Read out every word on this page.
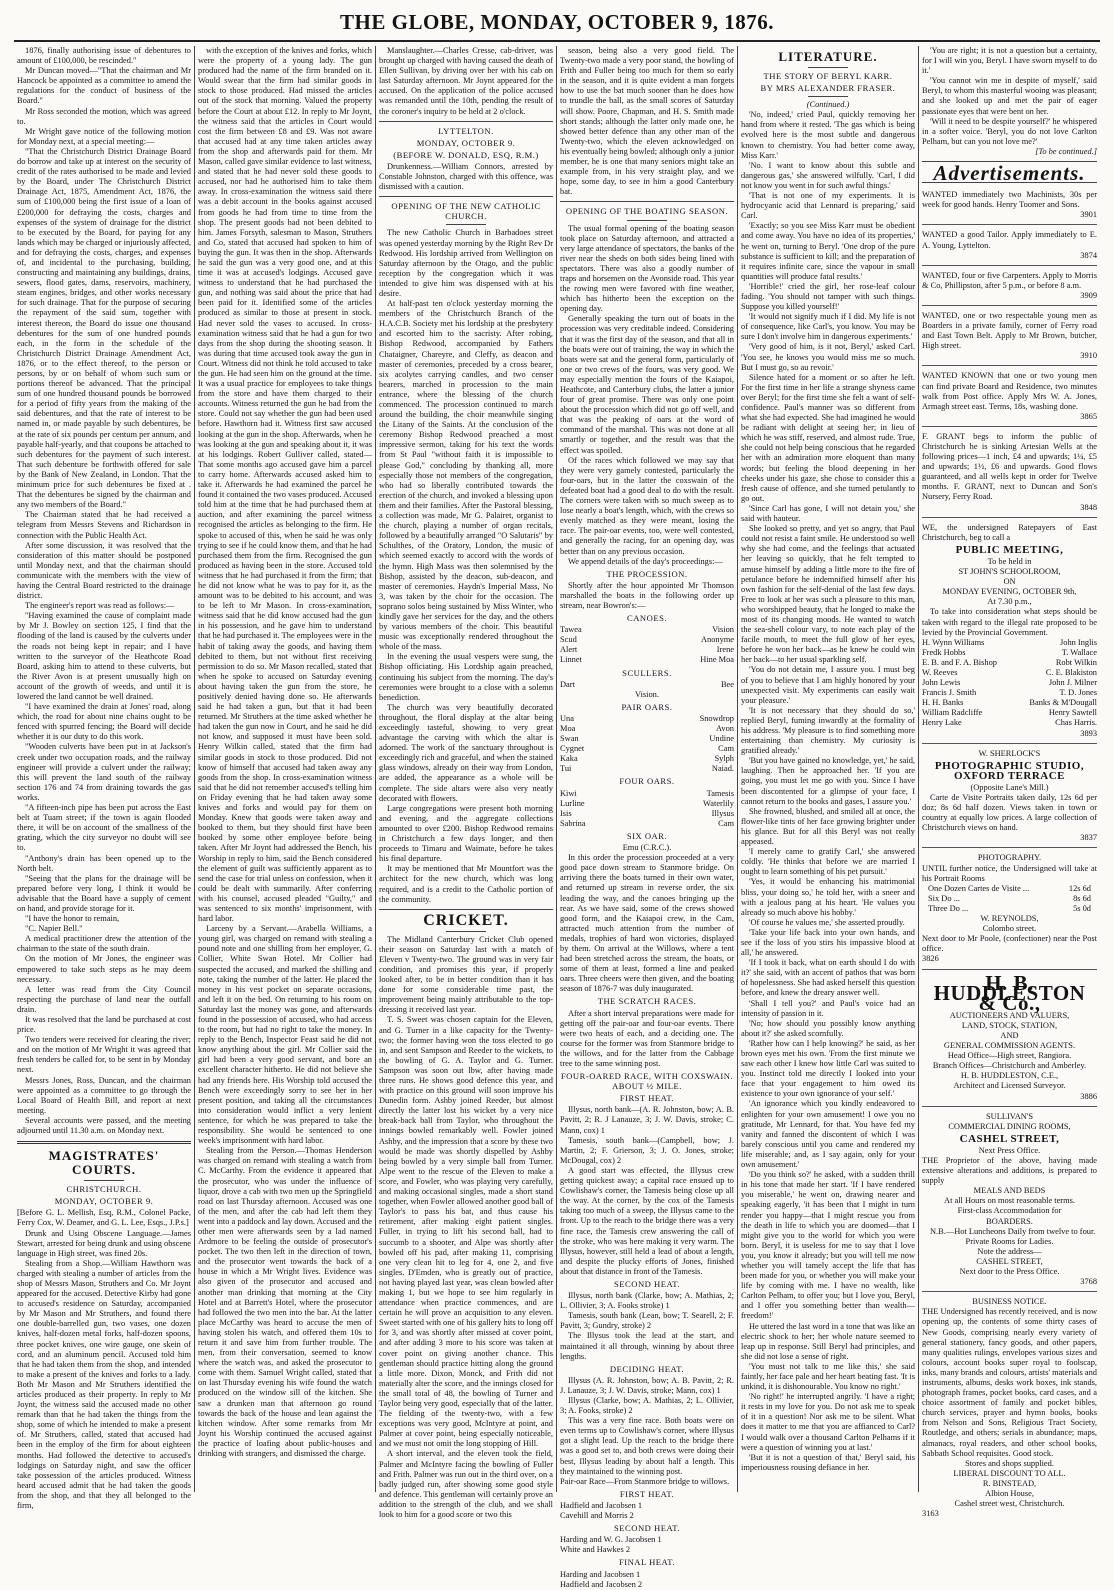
THE GLOBE, MONDAY, OCTOBER 9, 1876.

1876, finally authorising issue of debentures to amount of £100,000, be rescinded."

Mr Duncan moved—"That the chairman and Mr Hancock be appointed as a committee to amend the regulations for the conduct of business of the Board."

Mr Ross seconded the motion, which was agreed to.

Mr Wright gave notice of the following motion for Monday next, at a special meeting:—

"That the Christchurch District Drainage Board do borrow and take up at interest on the security of credit of the rates authorised to be made and levied by the Board, under The Christchurch District Drainage Act, 1875, Amendment Act, 1876, the sum of £100,000 being the first issue of a loan of £200,000 for defraying the costs, charges and expenses of the system of drainage for the district to be executed by the Board, for paying for any lands which may be charged or injuriously affected, and for defraying the costs, charges, and expenses of, and incidental to the purchasing, building, constructing and maintaining any buildings, drains, sewers, flood gates, dams, reservoirs, machinery, steam engines, bridges, and other works necessary for such drainage. That for the purpose of securing the repayment of the said sum, together with interest thereon, the Board do issue one thousand debentures for the sum of one hundred pounds each, in the form in the schedule of the Christchurch District Drainage Amendment Act, 1876, or to the effect thereof, to the person or persons, by or on behalf of whom such sum or portions thereof be advanced. That the principal sum of one hundred thousand pounds be borrowed for a period of fifty years from the making of the said debentures, and that the rate of interest to be named in, or made payable by such debentures, be at the rate of six pounds per centum per annum, and payable half-yearly, and that coupons be attached to such debentures for the payment of such interest. That such debenture be forthwith offered for sale by the Bank of New Zealand, in London. That the minimum price for such debentures be fixed at . That the debentures be signed by the chairman and any two members of the Board."

The Chairman stated that he had received a telegram from Messrs Stevens and Richardson in connection with the Public Health Act.

After some discussion, it was resolved that the consideration of this matter should be postponed until Monday next, and that the chairman should communicate with the members with the view of having the Central Board restricted to the drainage district.

The engineer's report was read as follows:—

"Having examined the cause of complaint made by Mr J. Bowley on section 125, I find that the flooding of the land is caused by the culverts under the roads not being kept in repair; and I have written to the surveyor of the Heathcote Road Board, asking him to attend to these culverts, but the River Avon is at present unusually high on account of the growth of weeds, and until it is lowered the land cannot be well drained.

"I have examined the drain at Jones' road, along which, the road for about nine chains ought to be fenced with spurred fencing; the Board will decide whether it is our duty to do this work.

"Wooden culverts have been put in at Jackson's creek under two occupation roads, and the railway engineer will provide a culvert under the railway; this will prevent the land south of the railway section 176 and 74 from draining towards the gas works.

"A fifteen-inch pipe has been put across the East belt at Tuam street; if the town is again flooded there, it will be on account of the smallness of the grating, which the city surveyor no doubt will see to.

"Anthony's drain has been opened up to the North belt.

"Seeing that the plans for the drainage will be prepared before very long, I think it would be advisable that the Board have a supply of cement on hand, and provide storage for it.

"I have the honor to remain,

"C. Napier Bell."

A medical practitioner drew the attention of the chairman to the state of the south drain.

On the motion of Mr Jones, the engineer was empowered to take such steps as he may deem necessary.

A letter was read from the City Council respecting the purchase of land near the outfall drain.

It was resolved that the land be purchased at cost price.

Two tenders were received for clearing the river; and on the motion of Mr Wright it was agreed that fresh tenders be called for, to be sent in by Monday next.

Messrs Jones, Ross, Duncan, and the chairman were appointed as a committee to go through the Local Board of Health Bill, and report at next meeting.

Several accounts were passed, and the meeting adjourned until 11.30 a.m. on Monday next.

MAGISTRATES' COURTS.
CHRISTCHURCH.
MONDAY, OCTOBER 9.

[Before G. L. Mellish, Esq, R.M., Colonel Packe, Ferry Cox, W. Deamer, and G. L. Lee, Esqs., J.P.s.]

Drunk and Using Obscene Language.—James Stewart, arrested for being drunk and using obscene language in High street, was fined 20s.

Stealing from a Shop.—William Hawthorn was charged with stealing a number of articles from the shop of Messrs Mason, Struthers and Co. Mr Joynt appeared for the accused. Detective Kirby had gone to accused's residence on Saturday, accompanied by Mr Mason and Mr Struthers, and found there one double-barrelled gun, two vases, one dozen knives, half-dozen metal forks, half-dozen spoons, three pocket knives, one wire gauge, one skein of cord, and an aluminum pencil. Accused told him that he had taken them from the shop, and intended to make a present of the knives and forks to a lady. Both Mr Mason and Mr Struthers identified the articles produced as their property. In reply to Mr Joynt, the witness said the accused made no other remark than that he had taken the things from the shop, some of which he intended to make a present of. Mr Struthers, called, stated that accused had been in the employ of the firm for about eighteen months. Had followed the detective to accused's lodgings on Saturday night, and saw the officer take possession of the articles produced. Witness heard accused admit that he had taken the goods from the shop, and that they all belonged to the firm,

with the exception of the knives and forks, which were the property of a young lady. The gun produced had the name of the firm branded on it. Would swear that the firm had similar goods in stock to those produced. Had missed the articles out of the stock that morning. Valued the property before the Court at about £12. In reply to Mr Joynt, the witness said that the articles in Court would cost the firm between £8 and £9. Was not aware that accused had at any time taken articles away from the shop and afterwards paid for them. Mr Mason, called gave similar evidence to last witness, and stated that he had never sold these goods to accused, nor had he authorised him to take them away. In cross-examination the witness said there was a debit account in the books against accused from goods he had from time to time from the shop. The present goods had not been debited to him. James Forsyth, salesman to Mason, Struthers and Co, stated that accused had spoken to him of buying the gun. It was then in the shop. Afterwards he said the gun was a very good one, and at this time it was at accused's lodgings. Accused gave witness to understand that he had purchased the gun, and nothing was said about the price that had been paid for it. Identified some of the articles produced as similar to those at present in stock. Had never sold the vases to accused. In cross-examination witness said that he had a gun for two days from the shop during the shooting season. It was during that time accused took away the gun in Court. Witness did not think he told accused to take the gun. He had seen him on the ground at the time. It was a usual practice for employees to take things from the store and have them charged to their accounts. Witness returned the gun he had from the store. Could not say whether the gun had been used before. Hawthorn had it. Witness first saw accused looking at the gun in the shop. Afterwards, when he was looking at the gun and speaking about it, it was at his lodgings. Robert Gulliver called, stated—That some months ago accused gave him a parcel to carry home. Afterwards accused asked him to take it. Afterwards he had examined the parcel he found it contained the two vases produced. Accused told him at the time that he had purchased them at auction, and after examining the parcel witness recognised the articles as belonging to the firm. He spoke to accused of this, when he said he was only trying to see if he could know them, and that he had purchased them from the firm. Recognised the gun produced as having been in the store. Accused told witness that he had purchased it from the firm; that he did not know what he was to pay for it, as the amount was to be debited to his account, and was to be left to Mr Mason. In cross-examination, witness said that he did know accused had the gun in his possession, and he gave him to understand that he had purchased it. The employees were in the habit of taking away the goods, and having them debited to them, but not without first receiving permission to do so. Mr Mason recalled, stated that when he spoke to accused on Saturday evening about having taken the gun from the store, he positively denied having done so. He afterwards said he had taken a gun, but that it had been returned. Mr Struthers at the time asked whether he had taken the gun now in Court, and he said he did not know, and supposed it must have been sold. Henry Wilkin called, stated that the firm had similar goods in stock to those produced. Did not know of himself that accused had taken away any goods from the shop. In cross-examination witness said that he did not remember accused's telling him on Friday evening that he had taken away some knives and forks and would pay for them on Monday. Knew that goods were taken away and booked to them, but they should first have been booked by some other employee before being taken. After Mr Joynt had addressed the Bench, his Worship in reply to him, said the Bench considered the element of guilt was sufficiently apparent as to send the case for trial unless on confession, when it could be dealt with summarily. After conferring with his counsel, accused pleaded "Guilty," and was sentenced to six months' imprisonment, with hard labor.

Larceny by a Servant.—Arabella Williams, a young girl, was charged on remand with stealing a pound note and one shilling from her employer, G. Collier, White Swan Hotel. Mr Collier had suspected the accused, and marked the shilling and note, taking the number of the latter. He placed the money in his vest pocket on separate occasions, and left it on the bed. On returning to his room on Saturday last the money was gone, and afterwards found in the possession of accused, who had access to the room, but had no right to take the money. In reply to the Bench, Inspector Feast said he did not know anything about the girl. Mr Collier said the girl had been a very good servant, and bore an excellent character hitherto. He did not believe she had any friends here. His Worship told accused the Bench were exceedingly sorry to see her in her present position, and taking all the circumstances into consideration would inflict a very lenient sentence, for which he was prepared to take the responsibility. She would be sentenced to one week's imprisonment with hard labor.

Stealing from the Person.—Thomas Henderson was charged on remand with stealing a watch from C. McCarthy. From the evidence it appeared that the prosecutor, who was under the influence of liquor, drove a cab with two men up the Springfield road on last Thursday afternoon. Accused was one of the men, and after the cab had left them they went into a paddock and lay down. Accused and the other men were afterwards seen by a lad named Ardmore to be feeling the outside of prosecutor's pocket. The two then left in the direction of town, and the prosecutor went towards the back of a house in which a Mr Wright lives. Evidence was also given of the prosecutor and accused and another man drinking that morning at the City Hotel and at Barrett's Hotel, where the prosecutor had followed the two men into the bar. At the latter place McCarthy was heard to accuse the men of having stolen his watch, and offered them 10s to return it and save him from further trouble. The men, from their conversation, seemed to know where the watch was, and asked the prosecutor to come with them. Samuel Wright called, stated that on last Thursday evening his wife found the watch produced on the window sill of the kitchen. She saw a drunken man that afternoon go round towards the back of the house and lean against the kitchen window. After some remarks from Mr Joynt his Worship continued the accused against the practice of loafing about public-houses and drinking with strangers, and dismissed the charge.

Manslaughter.—Charles Cresse, cab-driver, was brought up charged with having caused the death of Ellen Sullivan, by driving over her with his cab on last Saturday afternoon. Mr Joynt appeared for the accused. On the application of the police accused was remanded until the 10th, pending the result of the coroner's inquiry to be held at 2 o'clock.

LYTTELTON.
MONDAY, OCTOBER 9.
(BEFORE W. DONALD, ESQ, R.M.)

Drunkenness.—William Connors, arrested by Constable Johnston, charged with this offence, was dismissed with a caution.

OPENING OF THE NEW CATHOLIC CHURCH.

The new Catholic Church in Barbadoes street was opened yesterday morning by the Right Rev Dr Redwood. His lordship arrived from Wellington on Saturday afternoon by the Otago, and the public reception by the congregation which it was intended to give him was dispensed with at his desire.

At half-past ten o'clock yesterday morning the members of the Christchurch Branch of the H.A.C.B. Society met his lordship at the presbytery and escorted him to the sacristy. After robing, Bishop Redwood, accompanied by Fathers Chataigner, Chareyre, and Cleffy, as deacon and master of ceremonies, preceded by a cross bearer, six acolytes carrying candles, and two censer bearers, marched in procession to the main entrance, where the blessing of the church commenced. The procession continued to march around the building, the choir meanwhile singing the Litany of the Saints. At the conclusion of the ceremony Bishop Redwood preached a most impressive sermon, taking for his text the words from St Paul "without faith it is impossible to please God," concluding by thanking all, more especially those not members of the congregation, who had so liberally contributed towards the erection of the church, and invoked a blessing upon them and their families. After the Pastoral blessing, a collection was made, Mr G. Palairet, organist to the church, playing a number of organ recitals, followed by a beautifully arranged "O Salutaris" by Schulthes, of the Oratory, London, the music of which seemed exactly to accord with the words of the hymn. High Mass was then solemnised by the Bishop, assisted by the deacon, sub-deacon, and master of ceremonies. Haydn's Imperial Mass, No 3, was taken by the choir for the occasion. The soprano solos being sustained by Miss Winter, who kindly gave her services for the day, and the others by various members of the choir. This beautiful music was exceptionally rendered throughout the whole of the mass.

In the evening the usual vespers were sung, the Bishop officiating. His Lordship again preached, continuing his subject from the morning. The day's ceremonies were brought to a close with a solemn benediction.

The church was very beautifully decorated throughout, the floral display at the altar being exceedingly tasteful, showing to very great advantage the carving with which the altar is adorned. The work of the sanctuary throughout is exceedingly rich and graceful, and when the stained glass windows, already on their way from London, are added, the appearance as a whole will be complete. The side altars were also very neatly decorated with flowers.

Large congregations were present both morning and evening, and the aggregate collections amounted to over £200. Bishop Redwood remains in Christchurch a few days longer, and then proceeds to Timaru and Waimate, before he takes his final departure.

It may be mentioned that Mr Mountfort was the architect for the new church, which was long required, and is a credit to the Catholic portion of the community.

CRICKET.

The Midland Canterbury Cricket Club opened their season on Saturday last with a match of Eleven v Twenty-two. The ground was in very fair condition, and promises this year, if properly looked after, to be in better condition than it has done for some considerable time past, the improvement being mainly attributable to the top-dressing it received last year.

T. S. Sweet was chosen captain for the Eleven, and G. Turner in a like capacity for the Twenty-two; the former having won the toss elected to go in, and sent Sampson and Reeder to the wickets, to the bowling of G. A. Taylor and G. Turner. Sampson was soon out lbw, after having made three runs. He shows good defence this year, and with practice on this ground will soon improve his Dunedin form. Ashby joined Reeder, but almost directly the latter lost his wicket by a very nice break-back ball from Taylor, who throughout the innings bowled remarkably well. Fowler joined Ashby, and the impression that a score by these two would be made was shortly dispelled by Ashby being bowled by a very simple ball from Turner. Alpe went to the rescue of the Eleven to make a score, and Fowler, who was playing very carefully, and making occasional singles, made a short stand together, when Fowler allowed another good ball of Taylor's to pass his bat, and thus cause his retirement, after making eight patient singles. Fuller, in trying to lift his second ball, had to succumb to a shooter, and Alpe was shortly after bowled off his pad, after making 11, comprising one very clean hit to leg for 4, one 2, and five singles. D'Emden, who is greatly out of practice, not having played last year, was clean bowled after making 1, but we hope to see him regularly in attendance when practice commences, and are certain he will prove an acquisition to any eleven. Sweet started with one of his gallery hits to long off for 3, and was shortly after missed at cover point, and after adding 3 more to his score was taken at cover point on giving another chance. This gentleman should practice hitting along the ground a little more. Dixon, Monck, and Frith did not materially alter the score, and the innings closed for the small total of 48, the bowling of Turner and Taylor being very good, especially that of the latter. The fielding of the twenty-two, with a few exceptions was very good, McIntyre at point, and Palmer at cover point, being especially noticeable, and we must not omit the long stopping of Hill.

A short interval, and the eleven took the field, Palmer and McIntyre facing the bowling of Fuller and Frith. Palmer was run out in the third over, on a badly judged run, after showing some good style and defence. This gentleman will certainly prove an addition to the strength of the club, and we shall look to him for a good score or two this

season, being also a very good field. The Twenty-two made a very poor stand, the bowling of Frith and Fuller being too much for them so early in the season, and it is quite evident a man forgets how to use the bat much sooner than he does how to trundle the ball, as the small scores of Saturday will show. Poore, Chapman, and H. S. Smith made short stands; although the latter only made one, he showed better defence than any other man of the Twenty-two, which the eleven acknowledged on his eventually being bowled; although only a junior member, he is one that many seniors might take an example from, in his very straight play, and we hope, some day, to see in him a good Canterbury bat.

OPENING OF THE BOATING SEASON.

The usual formal opening of the boating season took place on Saturday afternoon, and attracted a very large attendance of spectators, the banks of the river near the sheds on both sides being lined with spectators. There was also a goodly number of traps and horsemen on the Avonside road. This year the rowing men were favored with fine weather, which has hitherto been the exception on the opening day.

Generally speaking the turn out of boats in the procession was very creditable indeed. Considering that it was the first day of the season, and that all in the boats were out of training, the way in which the boats were sat and the general form, particularly of one or two crews of the fours, was very good. We may especially mention the fours of the Kaiapoi, Heathcote, and Canterbury clubs, the latter a junior four of great promise. There was only one point about the procession which did not go off well, and that was the peaking of oars at the word of command of the marshal. This was not done at all smartly or together, and the result was that the effect was spoiled.

Of the races which followed we may say that they were very gamely contested, particularly the four-oars, but in the latter the coxswain of the defeated boat had a good deal to do with the result. The corners were taken with so much sweep as to lose nearly a boat's length, which, with the crews so evenly matched as they were meant, losing the race. The pair-oar events, too, were well contested, and generally the racing, for an opening day, was better than on any previous occasion.

We append details of the day's proceedings:—

THE PROCESSION.

Shortly after the hour appointed Mr Thomson marshalled the boats in the following order up stream, near Bowron's:—

CANOES.
Tawea	Vision
Scud	Anonyme
Alert	Irene
Linnet	Hine Moa
SCULLERS.
Dart	Bee
Vision.
PAIR OARS.
Una	Snowdrop
Moa	Avon
Swan	Undine
Cygnet	Cam
Kaka	Sylph
Tui	Naiad.
FOUR OARS.
Kiwi	Tamesis
Lurline	Waterlily
Isis	Illysus
Sabrina	Cam
SIX OAR.
Emu (C.R.C.).

In this order the procession proceeded at a very good pace down stream to Stanmore bridge. On arriving there the boats turned in their own water, and returned up stream in reverse order, the six leading the way, and the canoes bringing up the rear. As we have said, some of the crews showed good form, and the Kaiapoi crew, in the Cam, attracted much attention from the number of medals, trophies of hard won victories, displayed by them. On arrival at the Willows, where a tent had been stretched across the stream, the boats, or some of them at least, formed a line and peaked oars. Three cheers were then given, and the boating season of 1876-7 was duly inaugurated.

THE SCRATCH RACES.

After a short interval preparations were made for getting off the pair-oar and four-oar events. There were two heats of each, and a deciding one. The course for the former was from Stanmore bridge to the willows, and for the latter from the Cabbage tree to the same winning post.

FOUR-OARED RACE, WITH COXSWAIN. ABOUT ½ MILE.
FIRST HEAT.

Illysus, north bank—(A. R. Johnston, bow; A. B. Pavitt, 2; R. J Lanauze, 3; J. W. Davis, stroke; C. Mann, cox) 1

Tamesis, south bank—(Campbell, bow; J. Martin, 2; F. Grierson, 3; J. O. Jones, stroke; McDougal, cox) 2

A good start was effected, the Illysus crew getting quickest away; a capital race ensued up to Cowlishaw's corner, the Tamesis being close up all the way. At the corner, by the cox of the Tamesis taking too much of a sweep, the Illysus came to the front. Up to the reach to the bridge there was a very fine race, the Tamesis crew answering the call of the stroke, who was here making it very warm. The Illysus, however, still held a lead of about a length, and despite the plucky efforts of Jones, finished about that distance in front of the Tamesis.

SECOND HEAT.

Illysus, north bank (Clarke, bow; A. Mathias, 2; L. Ollivier, 3; A. Fooks stroke) 1

Tamesis, south bank (Lean, bow; T. Searell, 2; F. Pavitt, 3; Gundry, stroke) 2

The Illysus took the lead at the start, and maintained it all through, winning by about three lengths.

DECIDING HEAT.

Illysus (A. R. Johnston, bow; A. B. Pavitt, 2; R. J. Lanauze, 3; J. W. Davis, stroke; Mann, cox) 1

Illysus (Clarke, bow; A. Mathias, 2; L. Ollivier, 3; A. Fooks, stroke) 2

This was a very fine race. Both boats were on even terms up to Cowlishaw's corner, where Illysus got a slight lead. Up the reach to the bridge there was a good set to, and both crews were doing their best, Illysus leading by about half a length. This they maintained to the winning post.

Pair-oar Race—From Stanmore bridge to willows.

FIRST HEAT.
Hadfield and Jacobsen 1
Cavehill and Morris 2
SECOND HEAT.
Harding and W. G. Jacobsen 1
White and Hawkes 2
FINAL HEAT.
Harding and Jacobsen 1
Hadfield and Jacobsen 2
LITERATURE.
THE STORY OF BERYL KARR.
BY MRS ALEXANDER FRASER.
(Continued.)

'No, indeed,' cried Paul, quickly removing her hand from where it rested. 'The gas which is being evolved here is the most subtle and dangerous known to chemistry. You had better come away, Miss Karr.'

'No. I want to know about this subtle and dangerous gas,' she answered wilfully. 'Carl, I did not know you went in for such awful things.'

'That is not one of my experiments. It is hydrocyanic acid that Lennard is preparing,' said Carl.

'Exactly; so you see Miss Karr must be obedient and come away. You have no idea of its properties,' he went on, turning to Beryl. 'One drop of the pure substance is sufficient to kill; and the preparation of it requires infinite care, since the vapour in small quantities will produce fatal results.'

'Horrible!' cried the girl, her rose-leaf colour fading. 'You should not tamper with such things. Suppose you killed yourself!'

'It would not signify much if I did. My life is not of consequence, like Carl's, you know. You may be sure I don't involve him in dangerous experiments.'

'Very good of him, is it not, Beryl,' asked Carl. 'You see, he knows you would miss me so much. But I must go, so au revoir.'

Silence hated for a moment or so after he left. For the first time in her life a strange shyness came over Beryl; for the first time she felt a want of self-confidence. Paul's manner was so different from what she had expected. She had imagined he would be radiant with delight at seeing her; in lieu of which he was stiff, reserved, and almost rude. True, she could not help being conscious that he regarded her with an admiration more eloquent than many words; but feeling the blood deepening in her cheeks under his gaze, she chose to consider this a fresh cause of offence, and she turned petulantly to go out.

'Since Carl has gone, I will not detain you,' she said with hauteur.

She looked so pretty, and yet so angry, that Paul could not resist a faint smile. He understood so well why she had come, and the feelings that actuated her leaving so quickly, that he felt tempted to amuse himself by adding a little more to the fire of petulance before he indemnified himself after his own fashion for the self-denial of the last few days. Free to look at her was such a pleasure to this man, who worshipped beauty, that he longed to make the most of its changing moods. He wanted to watch the sea-shell colour vary, to note each play of the facile mouth, to meet the full glow of her eyes, before he won her back—as he knew he could win her back—to her usual sparkling self.

'You do not detain me, I assure you. I must beg of you to believe that I am highly honored by your unexpected visit. My experiments can easily wait your pleasure.'

'It is not necessary that they should do so,' replied Beryl, fuming inwardly at the formality of his address. 'My pleasure is to find something more entertaining than chemistry. My curiosity is gratified already.'

'But you have gained no knowledge, yet,' he said, laughing. Then he approached her. 'If you are going, you must let me go with you. Since I have been discontented for a glimpse of your face, I cannot return to the books and gases, I assure you.'

She frowned, blushed, and smiled all at once, the flower-like tints of her face growing brighter under his glance. But for all this Beryl was not really appeased.

'I merely came to gratify Carl,' she answered coldly. 'He thinks that before we are married I ought to learn something of his pet pursuit.'

'Yes, it would be enhancing his matrimonial bliss, your doing so,' he told her, with a sneer and with a jealous pang at his heart. 'He values you already so much above his hobby.'

'Of course he values me,' she asserted proudly.

'Take your life back into your own hands, and see if the loss of you stirs his impassive blood at all,' he answered.

'If I took it back, what on earth should I do with it?' she said, with an accent of pathos that was born of hopelessness. She had asked herself this question before, and knew the dreary answer well.

'Shall I tell you?' and Paul's voice had an intensity of passion in it.

'No; how should you possibly know anything about it?' she asked scornfully.

'Rather how can I help knowing?' he said, as her brown eyes met his own. 'From the first minute we saw each other I knew how little Carl was suited to you. Instinct told me directly I looked into your face that your engagement to him owed its existence to your own ignorance of your self.'

'An ignorance which you kindly endeavored to enlighten for your own amusement! I owe you no gratitude, Mr Lennard, for that. You have fed my vanity and fanned the discontent of which I was barely conscious until you came and rendered my life miserable; and, as I say again, only for your own amusement.'

'Do you think so?' he asked, with a sudden thrill in his tone that made her start. 'If I have rendered you miserable,' he went on, drawing nearer and speaking eagerly, 'it has been that I might in turn render you happy—that I might rescue you from the death in life to which you are doomed—that I might give you to the world for which you were born. Beryl, it is useless for me to say that I love you, you know it already; but you will tell me now whether you will tamely accept the life that has been made for you, or whether you will make your life by coming with me. I have no wealth, like Carlton Pelham, to offer you; but I love you, Beryl, and I offer you something better than wealth—freedom!'

He uttered the last word in a tone that was like an electric shock to her; her whole nature seemed to leap up in response. Still Beryl had principles, and she did not lose a sense of right.

'You must not talk to me like this,' she said faintly, her face pale and her heart beating fast. 'It is unkind, it is dishonourable. You know no right.'

'No right!' he interrupted angrily. 'I have a right; it rests in my love for you. Do not ask me to speak of it in a question! Nor ask me to be silent. What does it matter to me that you are affianced to Carl? I would walk over a thousand Carlton Pelhams if it were a question of winning you at last.'

'But it is not a question of that,' Beryl said, his imperiousness rousing defiance in her.

'You are right; it is not a question but a certainty, for I will win you, Beryl. I have sworn myself to do it.'

'You cannot win me in despite of myself,' said Beryl, to whom this masterful wooing was pleasant; and she looked up and met the pair of eager passionate eyes that were bent on her.

'Will it need to be despite yourself?' he whispered in a softer voice. 'Beryl, you do not love Carlton Pelham, but can you not love me?'

[To be continued.]
Advertisements.

WANTED immediately two Machinists, 30s per week for good hands. Henry Toomer and Sons.

3901

WANTED a good Tailor. Apply immediately to E. A. Young, Lyttelton.

3874

WANTED, four or five Carpenters. Apply to Morris & Co, Phillipston, after 5 p.m., or before 8 a.m.

3909

WANTED, one or two respectable young men as Boarders in a private family, corner of Ferry road and East Town Belt. Apply to Mr Brown, butcher, High street.

3910

WANTED KNOWN that one or two young men can find private Board and Residence, two minutes walk from Post office. Apply Mrs W. A. Jones, Armagh street east. Terms, 18s, washing done.

3865

F. GRANT begs to inform the public of Christchurch he is sinking Artesian Wells at the following prices—1 inch, £4 and upwards; 1¼, £5 and upwards; 1½, £6 and upwards. Good flows guaranteed, and all wells kept in order for Twelve months. F. GRANT, next to Duncan and Son's Nursery, Ferry Road.

3848

WE, the undersigned Ratepayers of East Christchurch, beg to call a

PUBLIC MEETING,
To be held in
ST JOHN'S SCHOOLROOM,
ON
MONDAY EVENING, OCTOBER 9th,
At 7.30 p.m.,

To take into consideration what steps should be taken with regard to the illegal rate proposed to be levied by the Provincial Government.

H. Wynn Williams	John Inglis
Fredk Hobbs	T. Wallace
E. B. and F. A. Bishop	Robt Wilkin
W. Reeves	C. E. Blakiston
John Lewis	John J. Milner
Francis J. Smith	T. D. Jones
H. H. Banks	Banks & M'Dougall
William Radcliffe	Henry Sawtell
Henry Lake	Chas Harris.
3893
W. SHERLOCK'S
PHOTOGRAPHIC STUDIO, OXFORD TERRACE
(Opposite Lane's Mill.)

Carte de Visite Portraits taken daily, 12s 6d per doz; 8s 6d half dozen. Views taken in town or country at equally low prices. A large collection of Christchurch views on hand.

3837
PHOTOGRAPHY.

UNTIL further notice, the Undersigned will take at his Portrait Rooms

One Dozen Cartes de Visite ...	12s 6d
Six Do ...	8s 6d
Three Do ...	5s 0d
W. REYNOLDS,
Colombo street.

Next door to Mr Poole, (confectioner) near the Post office.

3826
H. B. HUDDLESTON & Co.,
AUCTIONEERS AND VALUERS,
LAND, STOCK, STATION,
AND
GENERAL COMMISSION AGENTS.
Head Office—High street, Rangiora.
Branch Offices—Christchurch and Amberley.
H. B. HUDDLESTON, C.E.,
Architect and Licensed Surveyor.
3886
SULLIVAN'S
COMMERCIAL DINING ROOMS,
CASHEL STREET,
Next Press Office.

THE Proprietor of the above, having made extensive alterations and additions, is prepared to supply

MEALS AND BEDS
At all Hours on most reasonable terms.
First-class Accommodation for
BOARDERS.

N.B.—Hot Luncheons Daily from twelve to four.

Private Rooms for Ladies.
Note the address—
CASHEL STREET,
Next door to the Press Office.
3768
BUSINESS NOTICE.

THE Undersigned has recently received, and is now opening up, the contents of some thirty cases of New Goods, comprising nearly every variety of general stationery, fancy goods, and other papers, many qualities rulings, envelopes various sizes and colours, account books super royal to foolscap, inks, many brands and colours, artists' materials and instruments, albums, desks work boxes, ink stands, photograph frames, pocket books, card cases, and a choice assortment of family and pocket bibles, church services, prayer and hymn books, books from Nelson and Sons, Religious Tract Society, Routledge, and others; serials in abundance; maps, almanacs, royal readers, and other school books, Sabbath School requisites. Good stock.

Stores and shops supplied.
LIBERAL DISCOUNT TO ALL.
R. BINSTEAD,
Albion House,
Cashel street west, Christchurch.
3163
